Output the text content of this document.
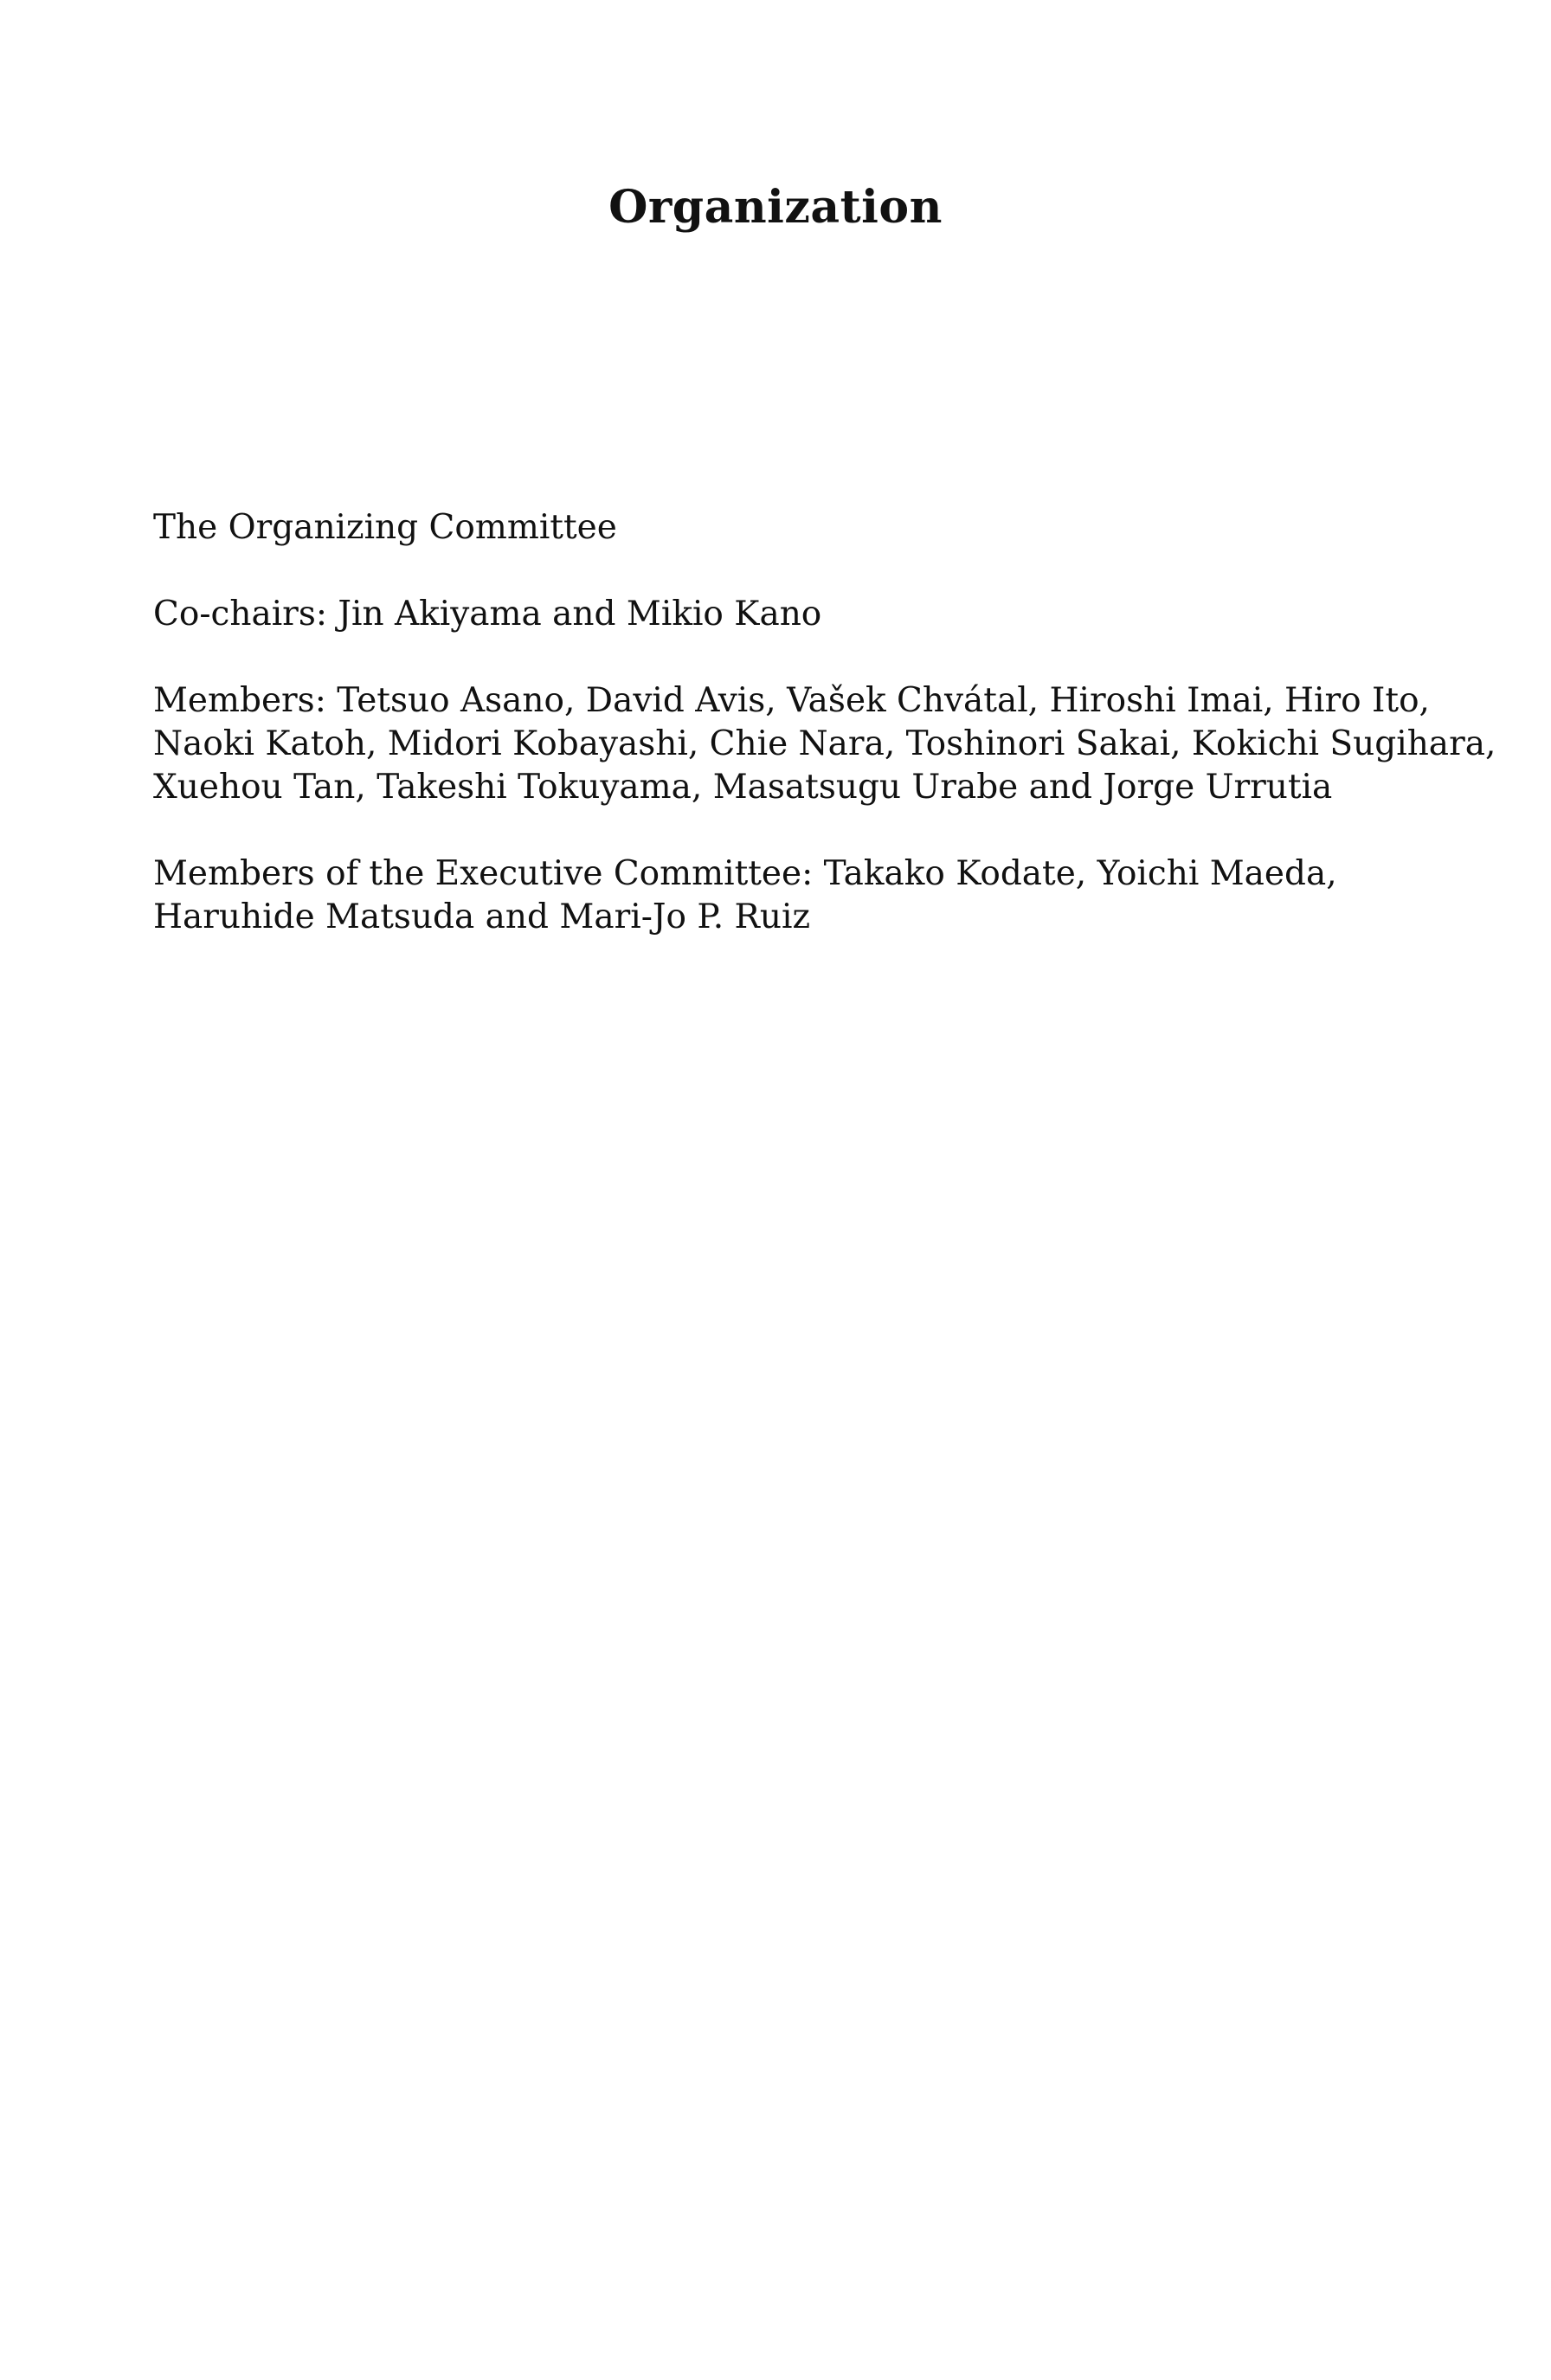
Organization

The Organizing Committee

Co-chairs: Jin Akiyama and Mikio Kano

Members: Tetsuo Asano, David Avis, Vašek Chvátal, Hiroshi Imai, Hiro Ito,
Naoki Katoh, Midori Kobayashi, Chie Nara, Toshinori Sakai, Kokichi Sugihara,
Xuehou Tan, Takeshi Tokuyama, Masatsugu Urabe and Jorge Urrutia

Members of the Executive Committee: Takako Kodate, Yoichi Maeda,
Haruhide Matsuda and Mari-Jo P. Ruiz
